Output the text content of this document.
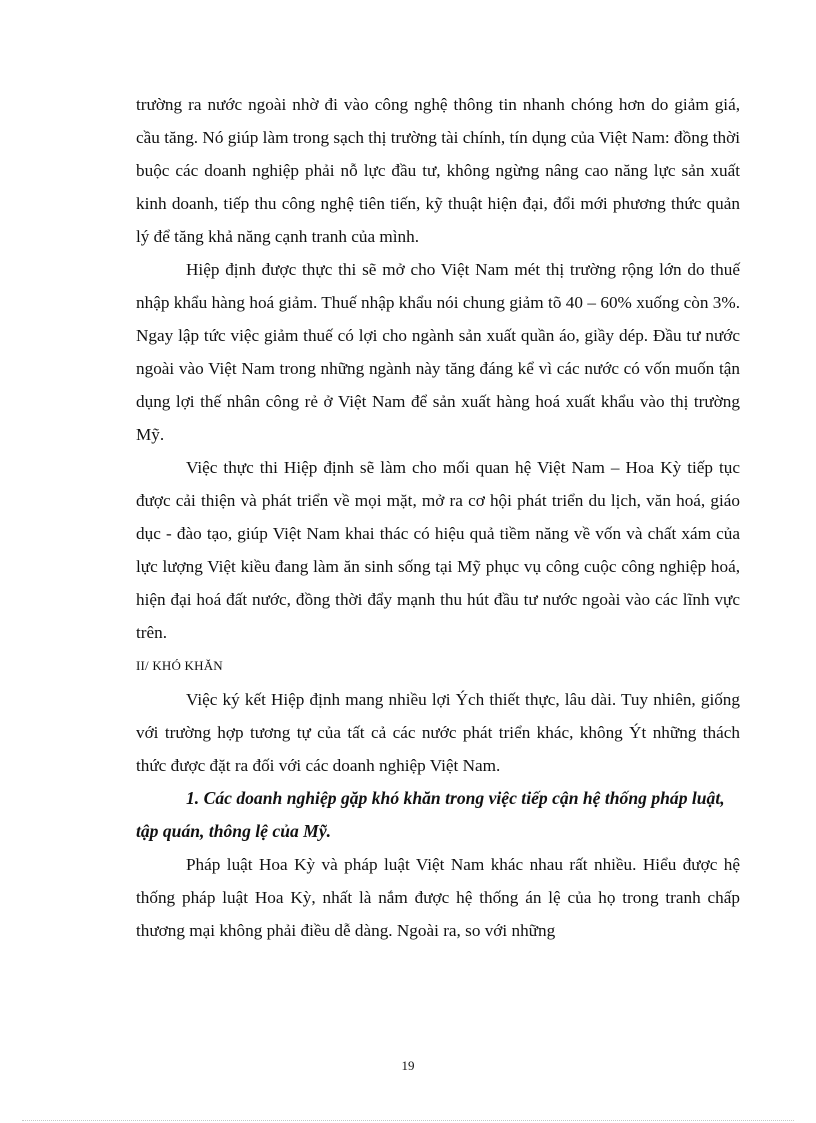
trường ra nước ngoài nhờ đi vào công nghệ thông tin nhanh chóng hơn do giảm giá, cầu tăng. Nó giúp làm trong sạch thị trường tài chính, tín dụng của Việt Nam: đồng thời buộc các doanh nghiệp phải nỗ lực đầu tư, không ngừng nâng cao năng lực sản xuất kinh doanh, tiếp thu công nghệ tiên tiến, kỹ thuật hiện đại, đổi mới phương thức quản lý để tăng khả năng cạnh tranh của mình.

Hiệp định được thực thi sẽ mở cho Việt Nam mét thị trường rộng lớn do thuế nhập khẩu hàng hoá giảm. Thuế nhập khẩu nói chung giảm tõ 40 – 60% xuống còn 3%. Ngay lập tức việc giảm thuế có lợi cho ngành sản xuất quần áo, giầy dép. Đầu tư nước ngoài vào Việt Nam trong những ngành này tăng đáng kể vì các nước có vốn muốn tận dụng lợi thế nhân công rẻ ở Việt Nam để sản xuất hàng hoá xuất khẩu vào thị trường Mỹ.

Việc thực thi Hiệp định sẽ làm cho mối quan hệ Việt Nam – Hoa Kỳ tiếp tục được cải thiện và phát triển về mọi mặt, mở ra cơ hội phát triển du lịch, văn hoá, giáo dục - đào tạo, giúp Việt Nam khai thác có hiệu quả tiềm năng về vốn và chất xám của lực lượng Việt kiều đang làm ăn sinh sống tại Mỹ phục vụ công cuộc công nghiệp hoá, hiện đại hoá đất nước, đồng thời đẩy mạnh thu hút đầu tư nước ngoài vào các lĩnh vực trên.

II/ KHÓ KHĂN

Việc ký kết Hiệp định mang nhiều lợi Ých thiết thực, lâu dài. Tuy nhiên, giống với trường hợp tương tự của tất cả các nước phát triển khác, không Ýt những thách thức được đặt ra đối với các doanh nghiệp Việt Nam.

1. Các doanh nghiệp gặp khó khăn trong việc tiếp cận hệ thống pháp luật, tập quán, thông lệ của Mỹ.

Pháp luật Hoa Kỳ và pháp luật Việt Nam khác nhau rất nhiều. Hiểu được hệ thống pháp luật Hoa Kỳ, nhất là nắm được hệ thống án lệ của họ trong tranh chấp thương mại không phải điều dễ dàng. Ngoài ra, so với những

19
